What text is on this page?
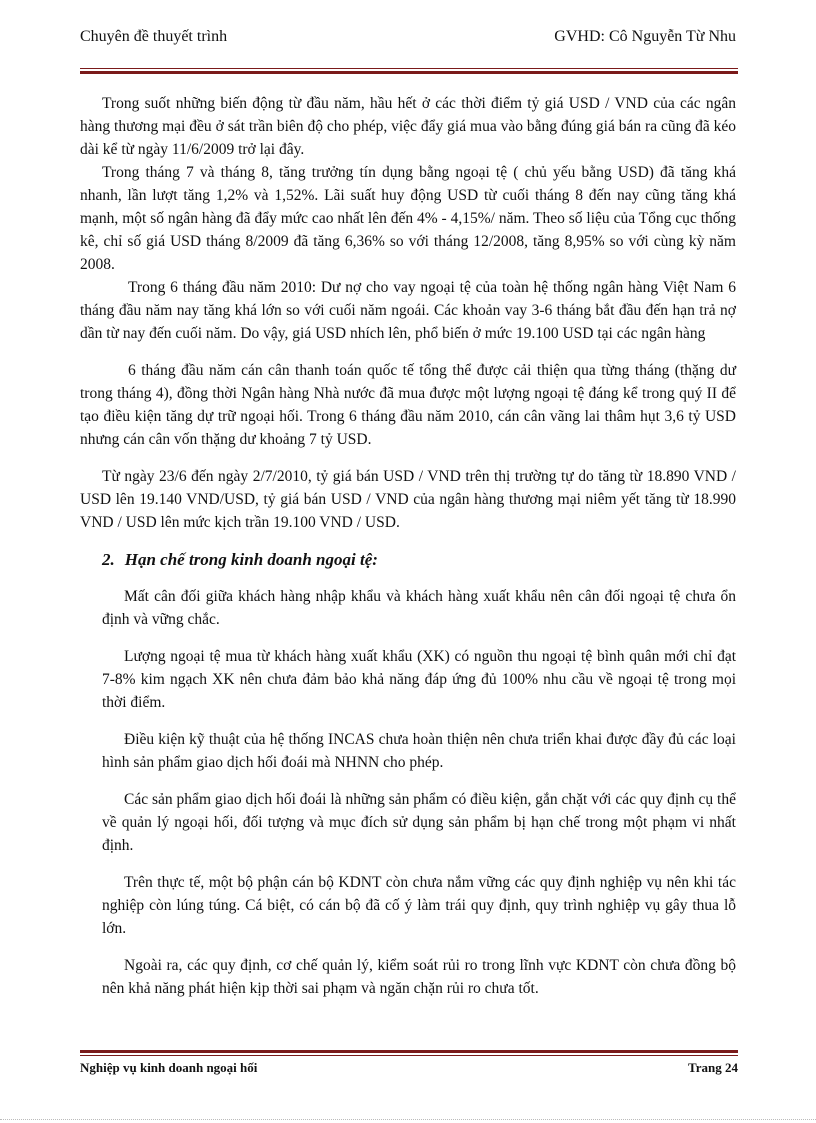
Chuyên đề thuyết trình	GVHD: Cô Nguyễn Từ Nhu

Trong suốt những biến động từ đầu năm, hầu hết ở các thời điểm tỷ giá USD / VND của các ngân hàng thương mại đều ở sát trần biên độ cho phép, việc đẩy giá mua vào bằng đúng giá bán ra cũng đã kéo dài kể từ ngày 11/6/2009 trở lại đây.

Trong tháng 7 và tháng 8, tăng trưởng tín dụng bằng ngoại tệ ( chủ yếu bằng USD) đã tăng khá nhanh, lần lượt tăng 1,2% và 1,52%. Lãi suất huy động USD từ cuối tháng 8 đến nay cũng tăng khá mạnh, một số ngân hàng đã đẩy mức cao nhất lên đến 4% - 4,15%/ năm. Theo số liệu của Tổng cục thống kê, chỉ số giá USD tháng 8/2009 đã tăng 6,36% so với tháng 12/2008, tăng 8,95% so với cùng kỳ năm 2008.

Trong 6 tháng đầu năm 2010: Dư nợ cho vay ngoại tệ của toàn hệ thống ngân hàng Việt Nam 6 tháng đầu năm nay tăng khá lớn so với cuối năm ngoái. Các khoản vay 3-6 tháng bắt đầu đến hạn trả nợ dần từ nay đến cuối năm. Do vậy, giá USD nhích lên, phổ biến ở mức 19.100 USD tại các ngân hàng

6 tháng đầu năm cán cân thanh toán quốc tế tổng thể được cải thiện qua từng tháng (thặng dư trong tháng 4), đồng thời Ngân hàng Nhà nước đã mua được một lượng ngoại tệ đáng kể trong quý II để tạo điều kiện tăng dự trữ ngoại hối. Trong 6 tháng đầu năm 2010, cán cân vãng lai thâm hụt 3,6 tỷ USD nhưng cán cân vốn thặng dư khoảng 7 tỷ USD.

Từ ngày 23/6 đến ngày 2/7/2010, tỷ giá bán USD / VND trên thị trường tự do tăng từ 18.890 VND / USD lên 19.140 VND/USD, tỷ giá bán USD / VND của ngân hàng thương mại niêm yết tăng từ 18.990 VND / USD lên mức kịch trần 19.100 VND / USD.

2. Hạn chế trong kinh doanh ngoại tệ:

Mất cân đối giữa khách hàng nhập khẩu và khách hàng xuất khẩu nên cân đối ngoại tệ chưa ổn định và vững chắc.

Lượng ngoại tệ mua từ khách hàng xuất khẩu (XK) có nguồn thu ngoại tệ bình quân mới chỉ đạt 7-8% kim ngạch XK nên chưa đảm bảo khả năng đáp ứng đủ 100% nhu cầu về ngoại tệ trong mọi thời điểm.

Điều kiện kỹ thuật của hệ thống INCAS chưa hoàn thiện nên chưa triển khai được đầy đủ các loại hình sản phẩm giao dịch hối đoái mà NHNN cho phép.

Các sản phẩm giao dịch hối đoái là những sản phẩm có điều kiện, gắn chặt với các quy định cụ thể về quản lý ngoại hối, đối tượng và mục đích sử dụng sản phẩm bị hạn chế trong một phạm vi nhất định.

Trên thực tế, một bộ phận cán bộ KDNT còn chưa nắm vững các quy định nghiệp vụ nên khi tác nghiệp còn lúng túng. Cá biệt, có cán bộ đã cố ý làm trái quy định, quy trình nghiệp vụ gây thua lỗ lớn.

Ngoài ra, các quy định, cơ chế quản lý, kiểm soát rủi ro trong lĩnh vực KDNT còn chưa đồng bộ nên khả năng phát hiện kịp thời sai phạm và ngăn chặn rủi ro chưa tốt.

Nghiệp vụ kinh doanh ngoại hối	Trang 24
